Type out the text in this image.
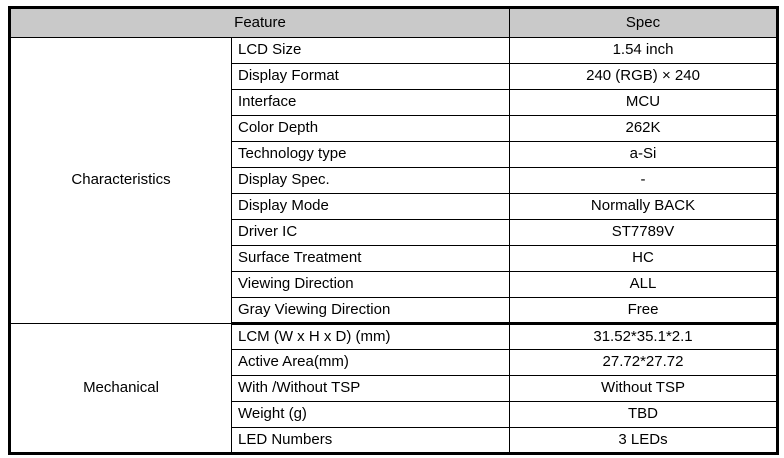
Feature		Spec
Characteristics	LCD Size	1.54 inch
	Display Format	240 (RGB) × 240
	Interface	MCU
	Color Depth	262K
	Technology type	a-Si
	Display Spec.	-
	Display Mode	Normally BACK
	Driver IC	ST7789V
	Surface Treatment	HC
	Viewing Direction	ALL
	Gray Viewing Direction	Free
Mechanical	LCM (W x H x D) (mm)	31.52*35.1*2.1
	Active Area(mm)	27.72*27.72
	With /Without TSP	Without TSP
	Weight (g)	TBD
	LED Numbers	3 LEDs
